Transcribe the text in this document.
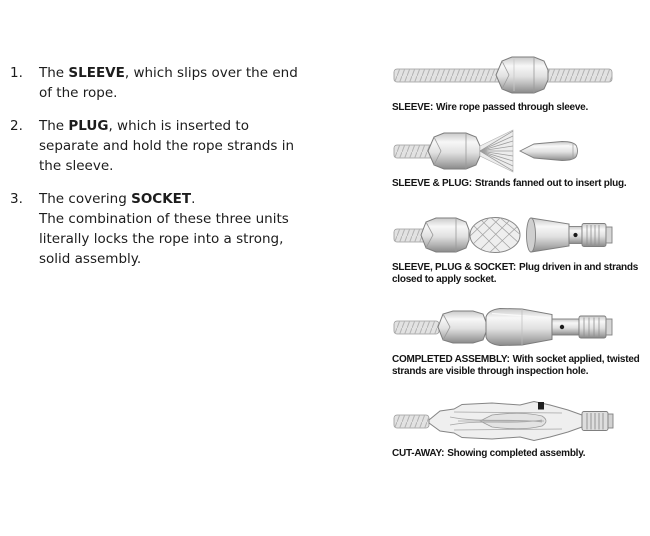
1.	The SLEEVE, which slips over the end of the rope.
2.	The PLUG, which is inserted to separate and hold the rope strands in the sleeve.
3.	The covering SOCKET. The combination of these three units literally locks the rope into a strong, solid assembly.
SLEEVE: Wire rope passed through sleeve.
SLEEVE & PLUG: Strands fanned out to insert plug.
SLEEVE, PLUG & SOCKET: Plug driven in and strands closed to apply socket.
COMPLETED ASSEMBLY: With socket applied, twisted strands are visible through inspection hole.
CUT-AWAY: Showing completed assembly.
